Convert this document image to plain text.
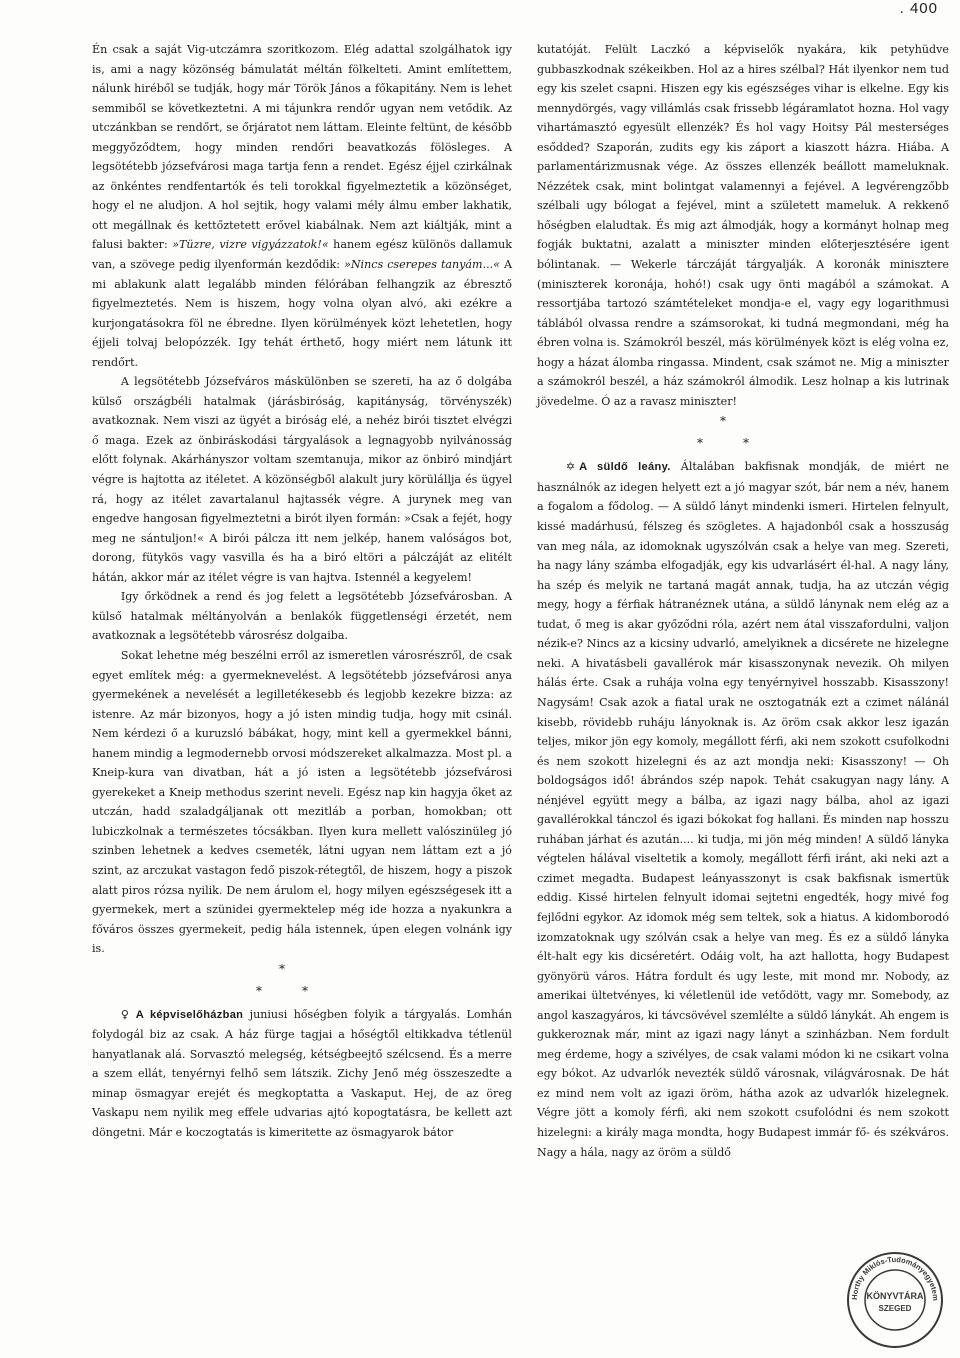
. 400

Én csak a saját Vig-utczámra szoritkozom. Elég adattal szolgálhatok igy is, ami a nagy közönség bámulatát méltán fölkelteti. Amint említettem, nálunk hiréből se tudják, hogy már Török János a főkapitány. Nem is lehet semmiből se következtetni. A mi tájunkra rendőr ugyan nem vetődik. Az utczánkban se rendőrt, se őrjáratot nem láttam. Eleinte feltünt, de később meggyőződtem, hogy minden rendőri beavatkozás fölösleges. A legsötétebb józsefvárosi maga tartja fenn a rendet. Egész éjjel czirkálnak az önkéntes rendfentartók és teli torokkal figyelmeztetik a közönséget, hogy el ne aludjon. A hol sejtik, hogy valami mély álmu ember lakhatik, ott megállnak és kettőztetett erővel kiabálnak. Nem azt kiáltják, mint a falusi bakter: »Tüzre, vizre vigyázzatok!« hanem egész különös dallamuk van, a szövege pedig ilyenformán kezdődik: »Nincs cserepes tanyám...« A mi ablakunk alatt legalább minden félórában felhangzik az ébresztő figyelmeztetés. Nem is hiszem, hogy volna olyan alvó, aki ezékre a kurjongatásokra föl ne ébredne. Ilyen körülmények közt lehetetlen, hogy éjjeli tolvaj belopózzék. Igy tehát érthető, hogy miért nem látunk itt rendőrt.

A legsötétebb Józsefváros máskülönben se szereti, ha az ő dolgába külső országbéli hatalmak (járásbiróság, kapitányság, törvényszék) avatkoznak. Nem viszi az ügyét a biróság elé, a nehéz birói tisztet elvégzi ő maga. Ezek az önbiráskodási tárgyalások a legnagyobb nyilvánosság előtt folynak. Akárhányszor voltam szemtanuja, mikor az önbiró mindjárt végre is hajtotta az itéletet. A közönségből alakult jury körülállja és ügyel rá, hogy az itélet zavartalanul hajtassék végre. A jurynek meg van engedve hangosan figyelmeztetni a birót ilyen formán: »Csak a fejét, hogy meg ne sántuljon!« A birói pálcza itt nem jelkép, hanem valóságos bot, dorong, fütykös vagy vasvilla és ha a biró eltöri a pálczáját az elitélt hátán, akkor már az itélet végre is van hajtva. Istennél a kegyelem!

Igy őrködnek a rend és jog felett a legsötétebb Józsefvárosban. A külső hatalmak méltányolván a benlakók függetlenségi érzetét, nem avatkoznak a legsötétebb városrész dolgaiba.

Sokat lehetne még beszélni erről az ismeretlen városrészről, de csak egyet említek még: a gyermeknevelést. A legsötétebb józsefvárosi anya gyermekének a nevelését a legilletékesebb és legjobb kezekre bizza: az istenre. Az már bizonyos, hogy a jó isten mindig tudja, hogy mit csinál. Nem kérdezi ő a kuruzsló bábákat, hogy, mint kell a gyermekkel bánni, hanem mindig a legmodernebb orvosi módszereket alkalmazza. Most pl. a Kneip-kura van divatban, hát a jó isten a legsötétebb józsefvárosi gyerekeket a Kneip methodus szerint neveli. Egész nap kin hagyja őket az utczán, hadd szaladgáljanak ott mezitláb a porban, homokban; ott lubiczkolnak a természetes tócsákban. Ilyen kura mellett valószinüleg jó szinben lehetnek a kedves csemeték, látni ugyan nem láttam ezt a jó szint, az arczukat vastagon fedő piszok-rétegtől, de hiszem, hogy a piszok alatt piros rózsa nyilik. De nem árulom el, hogy milyen egészségesek itt a gyermekek, mert a szünidei gyermektelep még ide hozza a nyakunkra a főváros összes gyermekeit, pedig hála istennek, úpen elegen volnánk igy is.

*
**

♀ A képviselőházban juniusi hőségben folyik a tárgyalás. Lomhán folydogál biz az csak. A ház fürge tagjai a hőségtől eltikkadva tétlenül hanyatlanak alá. Sorvasztó melegség, kétségbeejtő szélcsend. És a merre a szem ellát, tenyérnyi felhő sem látszik. Zichy Jenő még összeszedte a minap ösmagyar erejét és megkoptatta a Vaskaput. Hej, de az öreg Vaskapu nem nyilik meg effele udvarias ajtó kopogtatásra, be kellett azt döngetni. Már e koczogtatás is kimeritette az ösmagyarok bátor

kutatóját. Felült Laczkó a képviselők nyakára, kik petyhüdve gubbaszkodnak székeikben. Hol az a hires szélbal? Hát ilyenkor nem tud egy kis szelet csapni. Hiszen egy kis egészséges vihar is elkelne. Egy kis mennydörgés, vagy villámlás csak frissebb légáramlatot hozna. Hol vagy vihartámasztó egyesült ellenzék? És hol vagy Hoitsy Pál mesterséges esődded? Szaporán, zudits egy kis záport a kiaszott házra. Hiába. A parlamentárizmusnak vége. Az összes ellenzék beállott mameluknak. Nézzétek csak, mint bolintgat valamennyi a fejével. A legvérengzőbb szélbali ugy bólogat a fejével, mint a született mameluk. A rekkenő hőségben elaludtak. És mig azt álmodják, hogy a kormányt holnap meg fogják buktatni, azalatt a miniszter minden előterjesztésére igent bólintanak. — Wekerle tárczáját tárgyalják. A koronák minisztere (miniszterek koronája, hohó!) csak ugy önti magából a számokat. A ressortjába tartozó számtételeket mondja-e el, vagy egy logarithmusi táblából olvassa rendre a számsorokat, ki tudná megmondani, még ha ébren volna is. Számokról beszél, más körülmények közt is elég volna ez, hogy a házat álomba ringassa. Mindent, csak számot ne. Mig a miniszter a számokról beszél, a ház számokról álmodik. Lesz holnap a kis lutrinak jövedelme. Ó az a ravasz miniszter!

*
**

✡ A süldő leány. Általában bakfisnak mondják, de miért ne használnók az idegen helyett ezt a jó magyar szót, bár nem a név, hanem a fogalom a fődolog. — A süldő lányt mindenki ismeri. Hirtelen felnyult, kissé madárhusú, félszeg és szögletes. A hajadonból csak a hosszuság van meg nála, az idomoknak ugyszólván csak a helye van meg. Szereti, ha nagy lány számba elfogadják, egy kis udvarlásért él-hal. A nagy lány, ha szép és melyik ne tartaná magát annak, tudja, ha az utczán végig megy, hogy a férfiak hátranéznek utána, a süldő lánynak nem elég az a tudat, ő meg is akar győződni róla, azért nem átal visszafordulni, valjon nézik-e? Nincs az a kicsiny udvarló, amelyiknek a dicsérete ne hizelegne neki. A hivatásbeli gavallérok már kisasszonynak nevezik. Oh milyen hálás érte. Csak a ruhája volna egy tenyérnyivel hosszabb. Kisasszony! Nagysám! Csak azok a fiatal urak ne osztogatnák ezt a czimet nálánál kisebb, rövidebb ruháju lányoknak is. Az öröm csak akkor lesz igazán teljes, mikor jön egy komoly, megállott férfi, aki nem szokott csufolkodni és nem szokott hizelegni és az azt mondja neki: Kisasszony! — Oh boldogságos idő! ábrándos szép napok. Tehát csakugyan nagy lány. A nénjével együtt megy a bálba, az igazi nagy bálba, ahol az igazi gavallérokkal tánczol és igazi bókokat fog hallani. És minden nap hosszu ruhában járhat és azután.... ki tudja, mi jön még minden! A süldő lányka végtelen hálával viseltetik a komoly, megállott férfi iránt, aki neki azt a czimet megadta. Budapest leányasszonyt is csak bakfisnak ismertük eddig. Kissé hirtelen felnyult idomai sejtetni engedték, hogy mivé fog fejlődni egykor. Az idomok még sem teltek, sok a hiatus. A kidomborodó izomzatoknak ugy szólván csak a helye van meg. És ez a süldő lányka élt-halt egy kis dicséretért. Odáig volt, ha azt hallotta, hogy Budapest gyönyörü város. Hátra fordult és ugy leste, mit mond mr. Nobody, az amerikai ültetvényes, ki véletlenül ide vetődött, vagy mr. Somebody, az angol kaszagyáros, ki távcsövével szemlélte a süldő lánykát. Ah engem is gukkeroznak már, mint az igazi nagy lányt a szinházban. Nem fordult meg érdeme, hogy a szivélyes, de csak valami módon ki ne csikart volna egy bókot. Az udvarlók nevezték süldő városnak, világvárosnak. De hát ez mind nem volt az igazi öröm, hátha azok az udvarlók hizelegnek. Végre jött a komoly férfi, aki nem szokott csufolódni és nem szokott hizelegni: a király maga mondta, hogy Budapest immár fő- és székváros. Nagy a hála, nagy az öröm a süldő

Horthy Miklós-Tudományegyetem
KÖNYVTÁRA
SZEGED
